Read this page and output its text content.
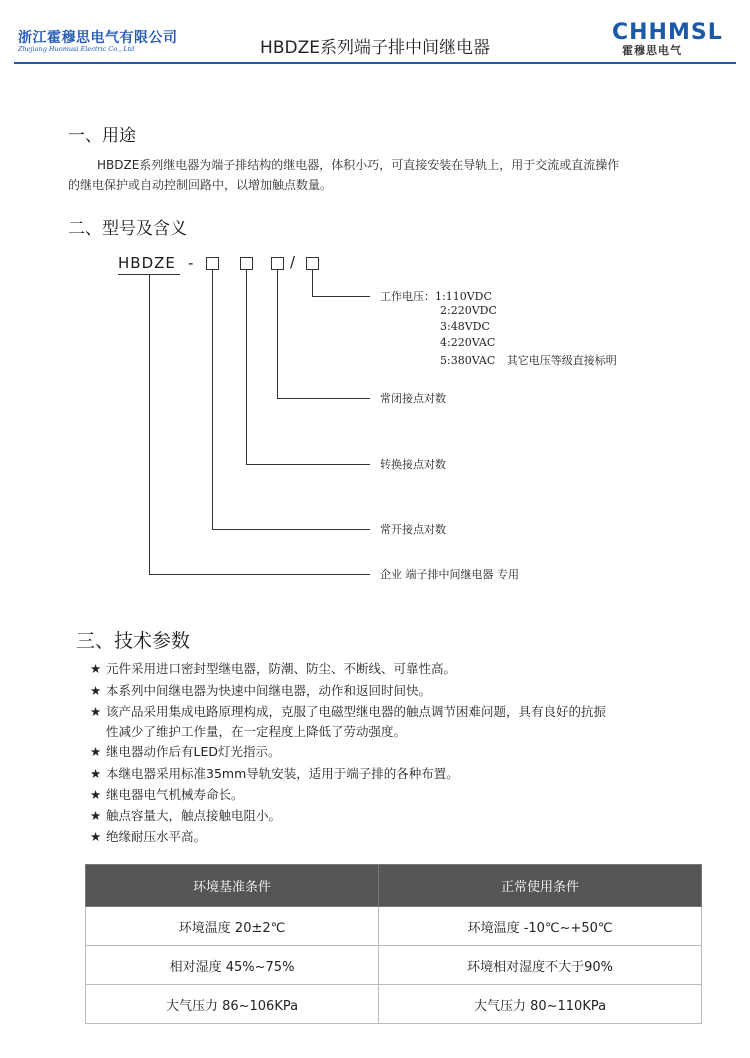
浙江霍穆思电气有限公司
Zhejiang Huomusi Electric Co., Ltd	HBDZE系列端子排中间继电器
CHHMSL
霍穆思电气
一、用途
HBDZE系列继电器为端子排结构的继电器，体积小巧，可直接安装在导轨上，用于交流或直流操作
的继电保护或自动控制回路中，以增加触点数量。
二、型号及含义
HBDZE -	/
工作电压：1:110VDC
2:220VDC
3:48VDC
4:220VAC
5:380VAC 其它电压等级直接标明
常闭接点对数
转换接点对数
常开接点对数
企业 端子排中间继电器 专用
三、技术参数
★ 元件采用进口密封型继电器，防潮、防尘、不断线、可靠性高。
★ 本系列中间继电器为快速中间继电器，动作和返回时间快。
★ 该产品采用集成电路原理构成，克服了电磁型继电器的触点调节困难问题，具有良好的抗振
性减少了维护工作量，在一定程度上降低了劳动强度。
★ 继电器动作后有LED灯光指示。
★ 本继电器采用标准35mm导轨安装，适用于端子排的各种布置。
★ 继电器电气机械寿命长。
★ 触点容量大，触点接触电阻小。
★ 绝缘耐压水平高。
环境基准条件	正常使用条件
环境温度 20±2℃	环境温度 -10℃~+50℃
相对湿度 45%~75%	环境相对湿度不大于90%
大气压力 86~106KPa	大气压力 80~110KPa
